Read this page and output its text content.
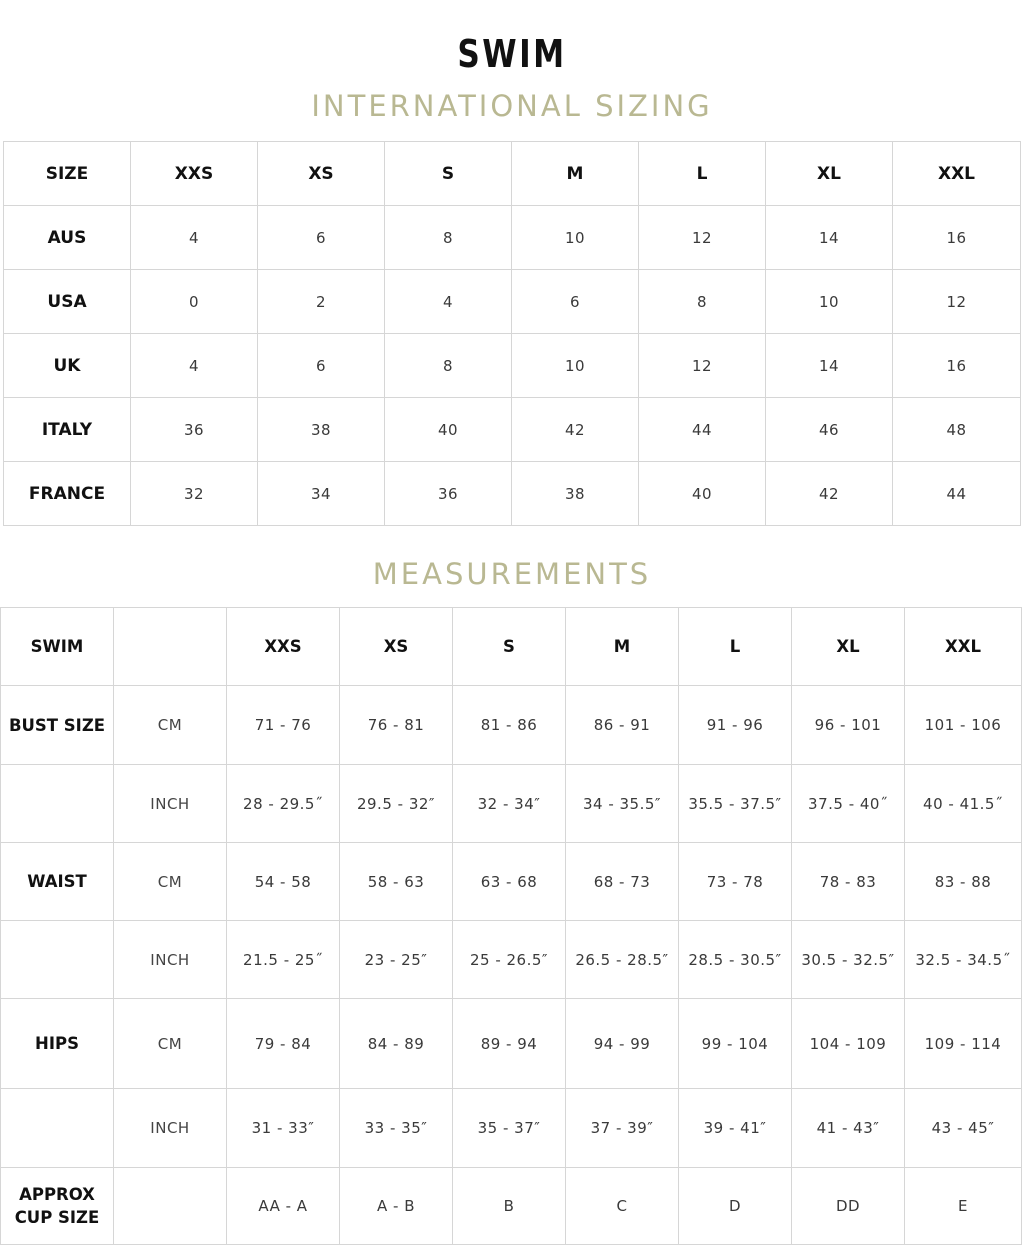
SWIM
INTERNATIONAL SIZING
SIZE	XXS	XS	S	M	L	XL	XXL
AUS	4	6	8	10	12	14	16
USA	0	2	4	6	8	10	12
UK	4	6	8	10	12	14	16
ITALY	36	38	40	42	44	46	48
FRANCE	32	34	36	38	40	42	44
MEASUREMENTS
SWIM		XXS	XS	S	M	L	XL	XXL
BUST SIZE	CM	71 - 76	76 - 81	81 - 86	86 - 91	91 - 96	96 - 101	101 - 106
	INCH	28 - 29.5˝	29.5 - 32″	32 - 34″	34 - 35.5″	35.5 - 37.5″	37.5 - 40˝	40 - 41.5˝
WAIST	CM	54 - 58	58 - 63	63 - 68	68 - 73	73 - 78	78 - 83	83 - 88
	INCH	21.5 - 25˝	23 - 25″	25 - 26.5″	26.5 - 28.5″	28.5 - 30.5″	30.5 - 32.5″	32.5 - 34.5˝
HIPS	CM	79 - 84	84 - 89	89 - 94	94 - 99	99 - 104	104 - 109	109 - 114
	INCH	31 - 33″	33 - 35″	35 - 37″	37 - 39″	39 - 41″	41 - 43″	43 - 45″

APPROX
CUP SIZE		AA - A	A - B	B	C	D	DD	E
